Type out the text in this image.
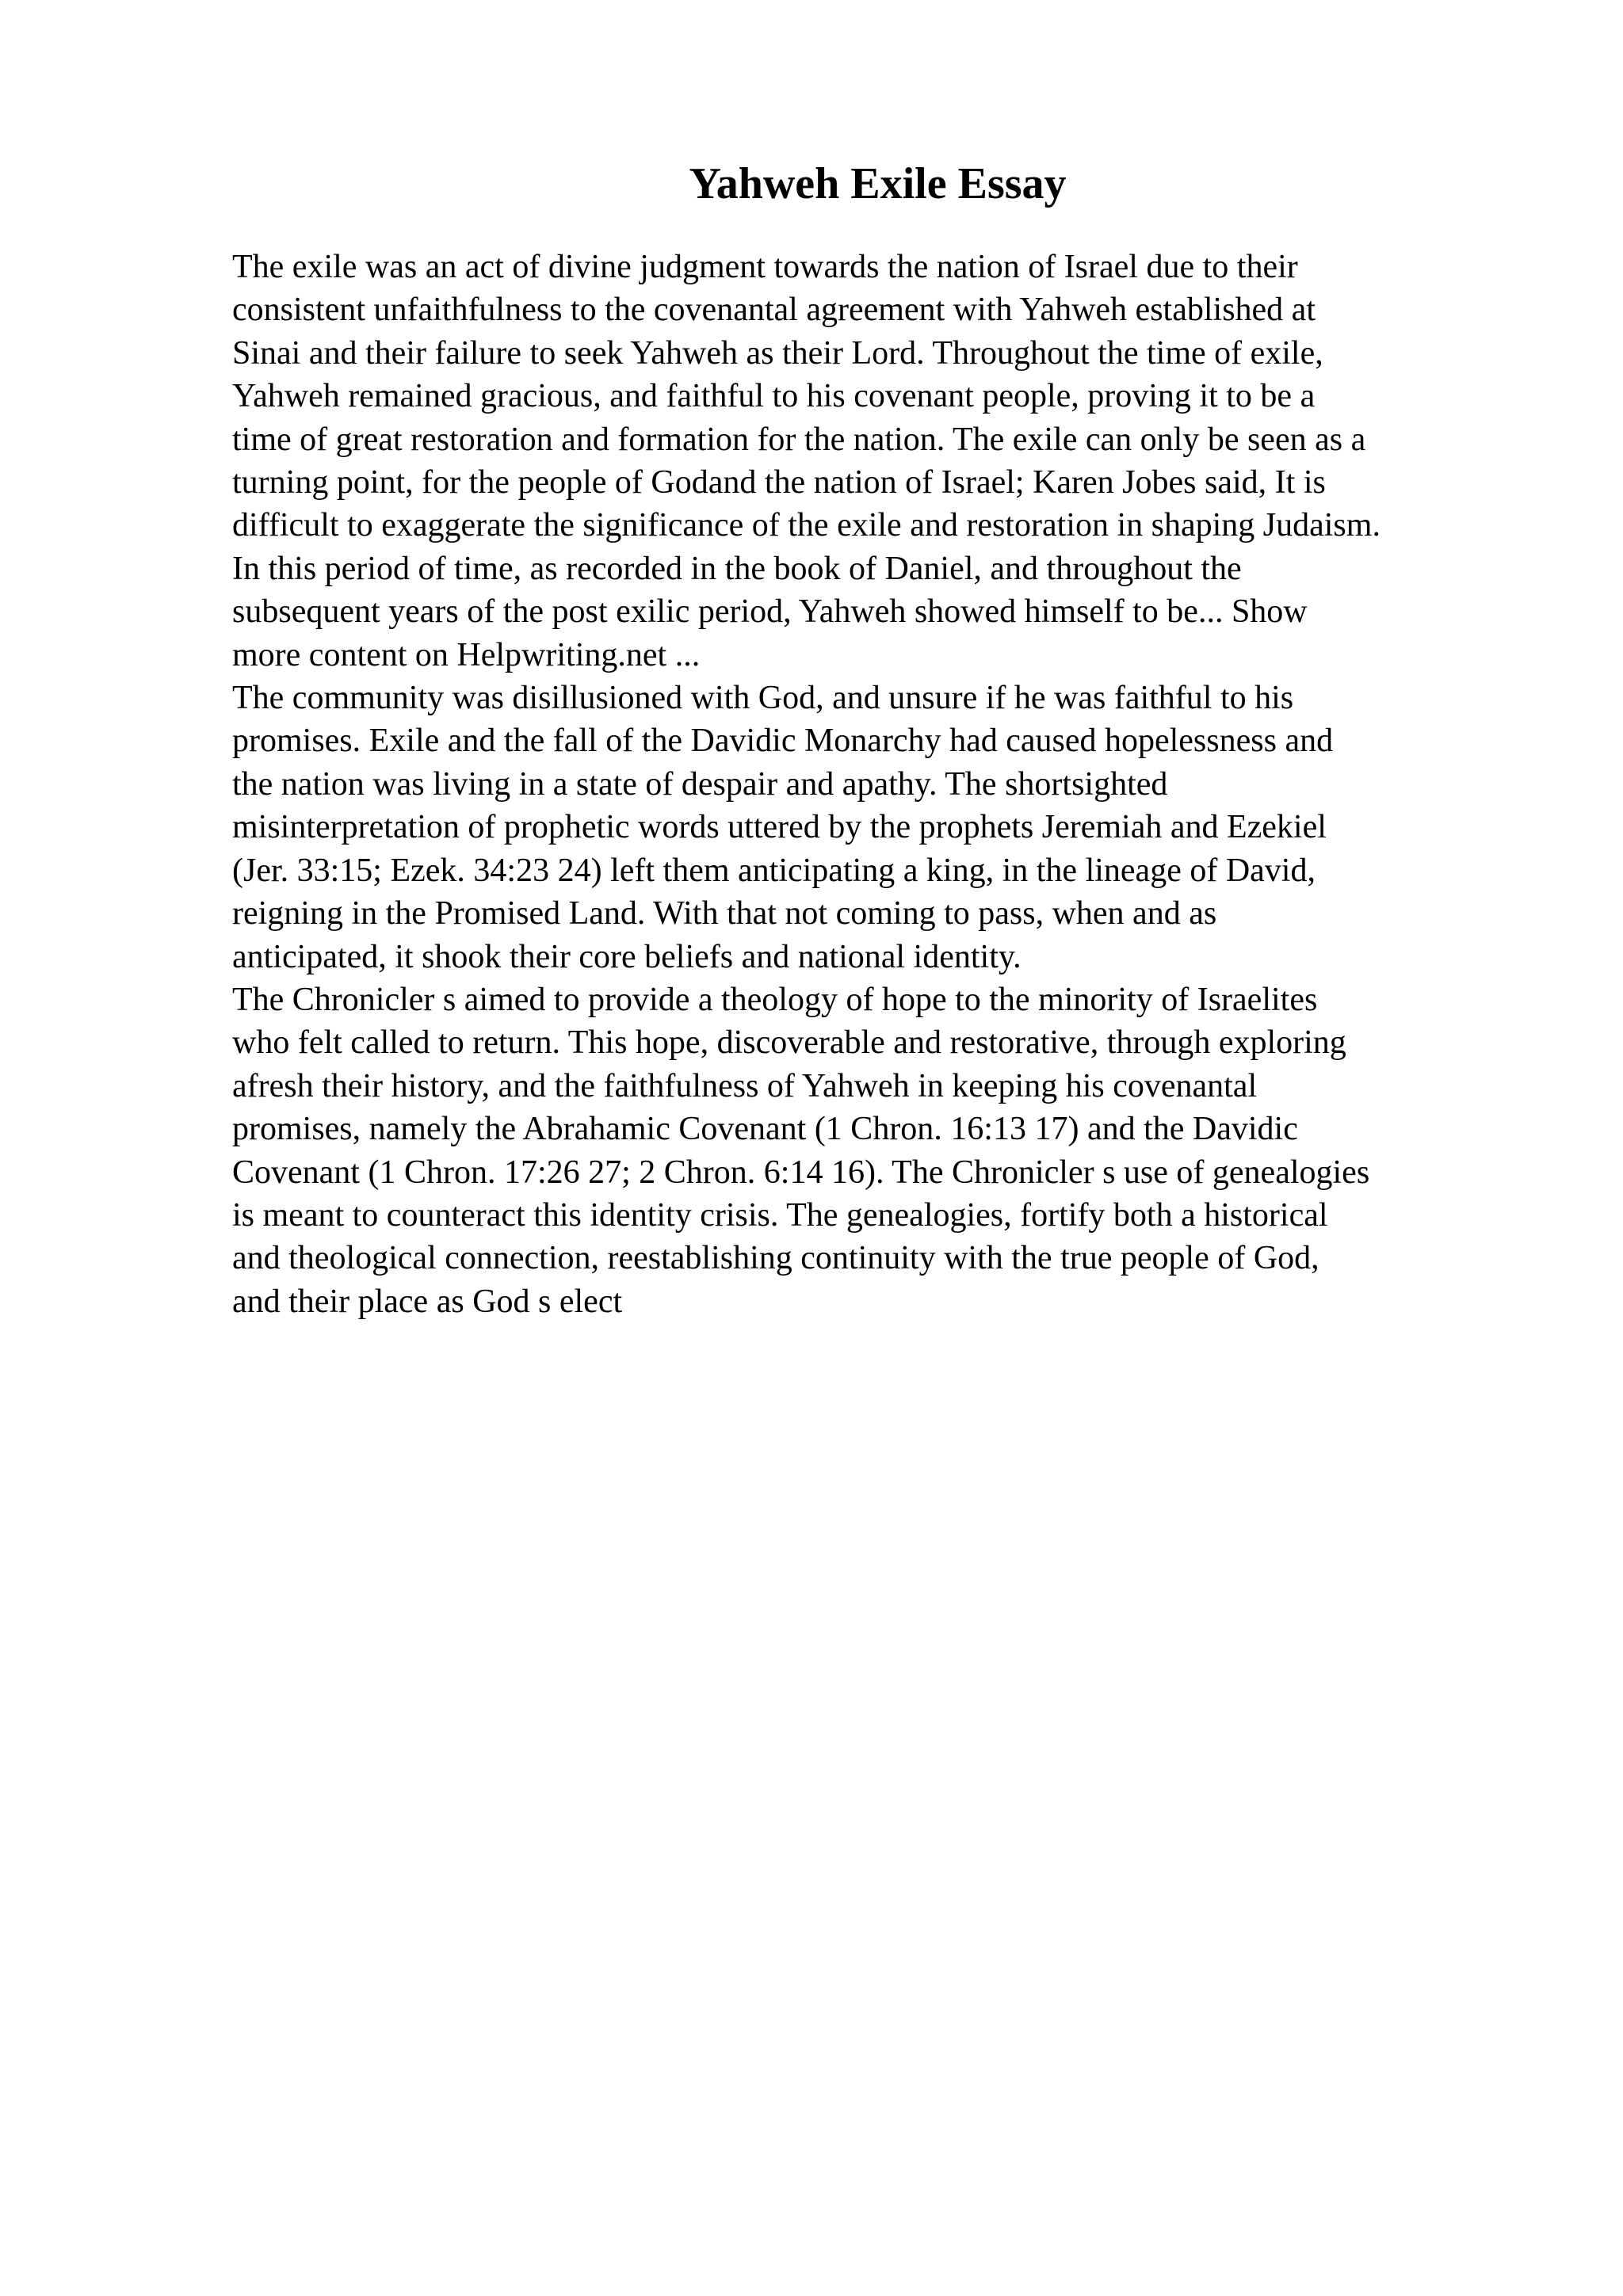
Yahweh Exile Essay
The exile was an act of divine judgment towards the nation of Israel due to their
consistent unfaithfulness to the covenantal agreement with Yahweh established at
Sinai and their failure to seek Yahweh as their Lord. Throughout the time of exile,
Yahweh remained gracious, and faithful to his covenant people, proving it to be a
time of great restoration and formation for the nation. The exile can only be seen as a
turning point, for the people of Godand the nation of Israel; Karen Jobes said, It is
difficult to exaggerate the significance of the exile and restoration in shaping Judaism.
In this period of time, as recorded in the book of Daniel, and throughout the
subsequent years of the post exilic period, Yahweh showed himself to be... Show
more content on Helpwriting.net ...
The community was disillusioned with God, and unsure if he was faithful to his
promises. Exile and the fall of the Davidic Monarchy had caused hopelessness and
the nation was living in a state of despair and apathy. The shortsighted
misinterpretation of prophetic words uttered by the prophets Jeremiah and Ezekiel
(Jer. 33:15; Ezek. 34:23 24) left them anticipating a king, in the lineage of David,
reigning in the Promised Land. With that not coming to pass, when and as
anticipated, it shook their core beliefs and national identity.
The Chronicler s aimed to provide a theology of hope to the minority of Israelites
who felt called to return. This hope, discoverable and restorative, through exploring
afresh their history, and the faithfulness of Yahweh in keeping his covenantal
promises, namely the Abrahamic Covenant (1 Chron. 16:13 17) and the Davidic
Covenant (1 Chron. 17:26 27; 2 Chron. 6:14 16). The Chronicler s use of genealogies
is meant to counteract this identity crisis. The genealogies, fortify both a historical
and theological connection, reestablishing continuity with the true people of God,
and their place as God s elect
